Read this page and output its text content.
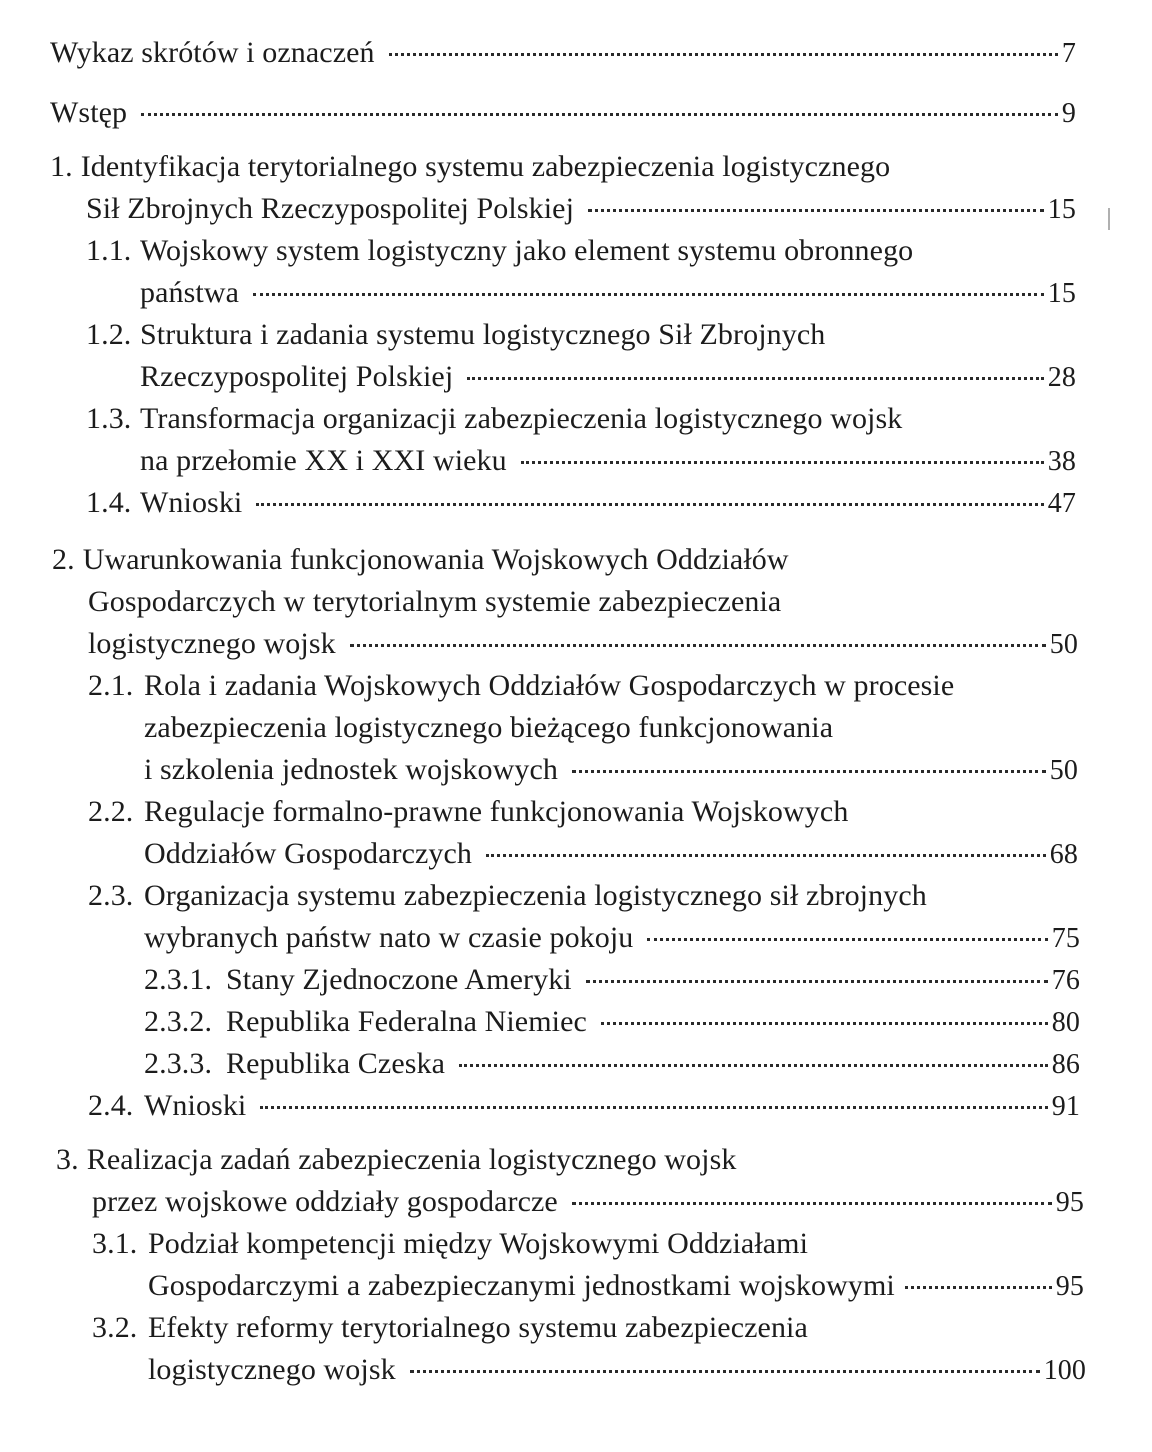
Wykaz skrótów i oznaczeń	7
Wstęp	9
1. Identyfikacja terytorialnego systemu zabezpieczenia logistycznego
Sił Zbrojnych Rzeczypospolitej Polskiej	15
1.1. Wojskowy system logistyczny jako element systemu obronnego
państwa	15
1.2. Struktura i zadania systemu logistycznego Sił Zbrojnych
Rzeczypospolitej Polskiej	28
1.3. Transformacja organizacji zabezpieczenia logistycznego wojsk
na przełomie XX i XXI wieku	38
1.4. Wnioski	47
2. Uwarunkowania funkcjonowania Wojskowych Oddziałów
Gospodarczych w terytorialnym systemie zabezpieczenia
logistycznego wojsk	50
2.1. Rola i zadania Wojskowych Oddziałów Gospodarczych w procesie
zabezpieczenia logistycznego bieżącego funkcjonowania
i szkolenia jednostek wojskowych	50
2.2. Regulacje formalno-prawne funkcjonowania Wojskowych
Oddziałów Gospodarczych	68
2.3. Organizacja systemu zabezpieczenia logistycznego sił zbrojnych
wybranych państw nato w czasie pokoju	75
2.3.1. Stany Zjednoczone Ameryki	76
2.3.2. Republika Federalna Niemiec	80
2.3.3. Republika Czeska	86
2.4. Wnioski	91
3. Realizacja zadań zabezpieczenia logistycznego wojsk
przez wojskowe oddziały gospodarcze	95
3.1. Podział kompetencji między Wojskowymi Oddziałami
Gospodarczymi a zabezpieczanymi jednostkami wojskowymi	95
3.2. Efekty reformy terytorialnego systemu zabezpieczenia
logistycznego wojsk	100
